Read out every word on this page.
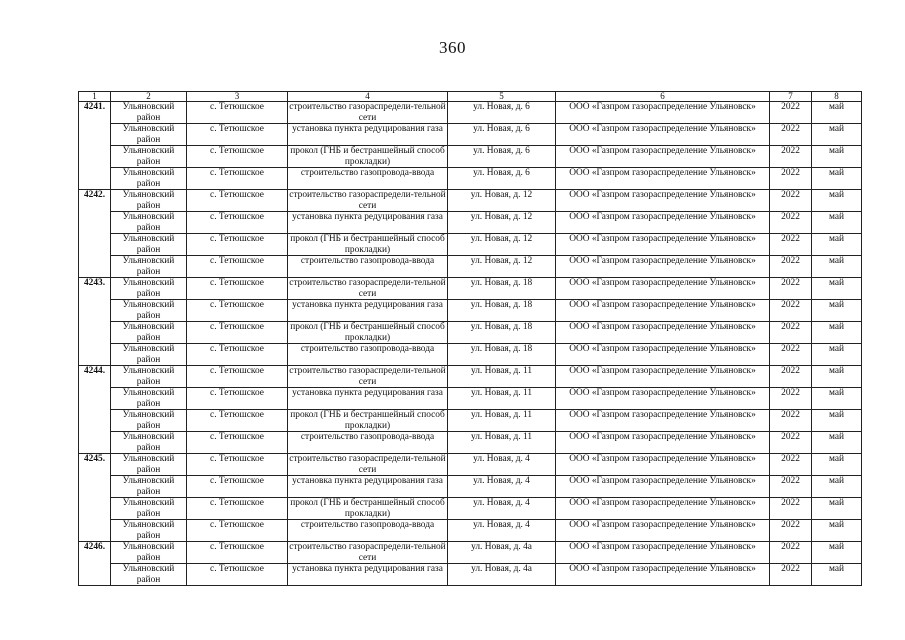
360
1	2	3	4	5	6	7	8
4241.	Ульяновский район	с. Тетюшское	строительство газораспредели-тельной сети	ул. Новая, д. 6	ООО «Газпром газораспределение Ульяновск»	2022	май
	Ульяновский район	с. Тетюшское	установка пункта редуцирования газа	ул. Новая, д. 6	ООО «Газпром газораспределение Ульяновск»	2022	май
	Ульяновский район	с. Тетюшское	прокол (ГНБ и бестраншейный способ прокладки)	ул. Новая, д. 6	ООО «Газпром газораспределение Ульяновск»	2022	май
	Ульяновский район	с. Тетюшское	строительство газопровода-ввода	ул. Новая, д. 6	ООО «Газпром газораспределение Ульяновск»	2022	май
4242.	Ульяновский район	с. Тетюшское	строительство газораспредели-тельной сети	ул. Новая, д. 12	ООО «Газпром газораспределение Ульяновск»	2022	май
	Ульяновский район	с. Тетюшское	установка пункта редуцирования газа	ул. Новая, д. 12	ООО «Газпром газораспределение Ульяновск»	2022	май
	Ульяновский район	с. Тетюшское	прокол (ГНБ и бестраншейный способ прокладки)	ул. Новая, д. 12	ООО «Газпром газораспределение Ульяновск»	2022	май
	Ульяновский район	с. Тетюшское	строительство газопровода-ввода	ул. Новая, д. 12	ООО «Газпром газораспределение Ульяновск»	2022	май
4243.	Ульяновский район	с. Тетюшское	строительство газораспредели-тельной сети	ул. Новая, д. 18	ООО «Газпром газораспределение Ульяновск»	2022	май
	Ульяновский район	с. Тетюшское	установка пункта редуцирования газа	ул. Новая, д. 18	ООО «Газпром газораспределение Ульяновск»	2022	май
	Ульяновский район	с. Тетюшское	прокол (ГНБ и бестраншейный способ прокладки)	ул. Новая, д. 18	ООО «Газпром газораспределение Ульяновск»	2022	май
	Ульяновский район	с. Тетюшское	строительство газопровода-ввода	ул. Новая, д. 18	ООО «Газпром газораспределение Ульяновск»	2022	май
4244.	Ульяновский район	с. Тетюшское	строительство газораспредели-тельной сети	ул. Новая, д. 11	ООО «Газпром газораспределение Ульяновск»	2022	май
	Ульяновский район	с. Тетюшское	установка пункта редуцирования газа	ул. Новая, д. 11	ООО «Газпром газораспределение Ульяновск»	2022	май
	Ульяновский район	с. Тетюшское	прокол (ГНБ и бестраншейный способ прокладки)	ул. Новая, д. 11	ООО «Газпром газораспределение Ульяновск»	2022	май
	Ульяновский район	с. Тетюшское	строительство газопровода-ввода	ул. Новая, д. 11	ООО «Газпром газораспределение Ульяновск»	2022	май
4245.	Ульяновский район	с. Тетюшское	строительство газораспредели-тельной сети	ул. Новая, д. 4	ООО «Газпром газораспределение Ульяновск»	2022	май
	Ульяновский район	с. Тетюшское	установка пункта редуцирования газа	ул. Новая, д. 4	ООО «Газпром газораспределение Ульяновск»	2022	май
	Ульяновский район	с. Тетюшское	прокол (ГНБ и бестраншейный способ прокладки)	ул. Новая, д. 4	ООО «Газпром газораспределение Ульяновск»	2022	май
	Ульяновский район	с. Тетюшское	строительство газопровода-ввода	ул. Новая, д. 4	ООО «Газпром газораспределение Ульяновск»	2022	май
4246.	Ульяновский район	с. Тетюшское	строительство газораспредели-тельной сети	ул. Новая, д. 4а	ООО «Газпром газораспределение Ульяновск»	2022	май
	Ульяновский район	с. Тетюшское	установка пункта редуцирования газа	ул. Новая, д. 4а	ООО «Газпром газораспределение Ульяновск»	2022	май
